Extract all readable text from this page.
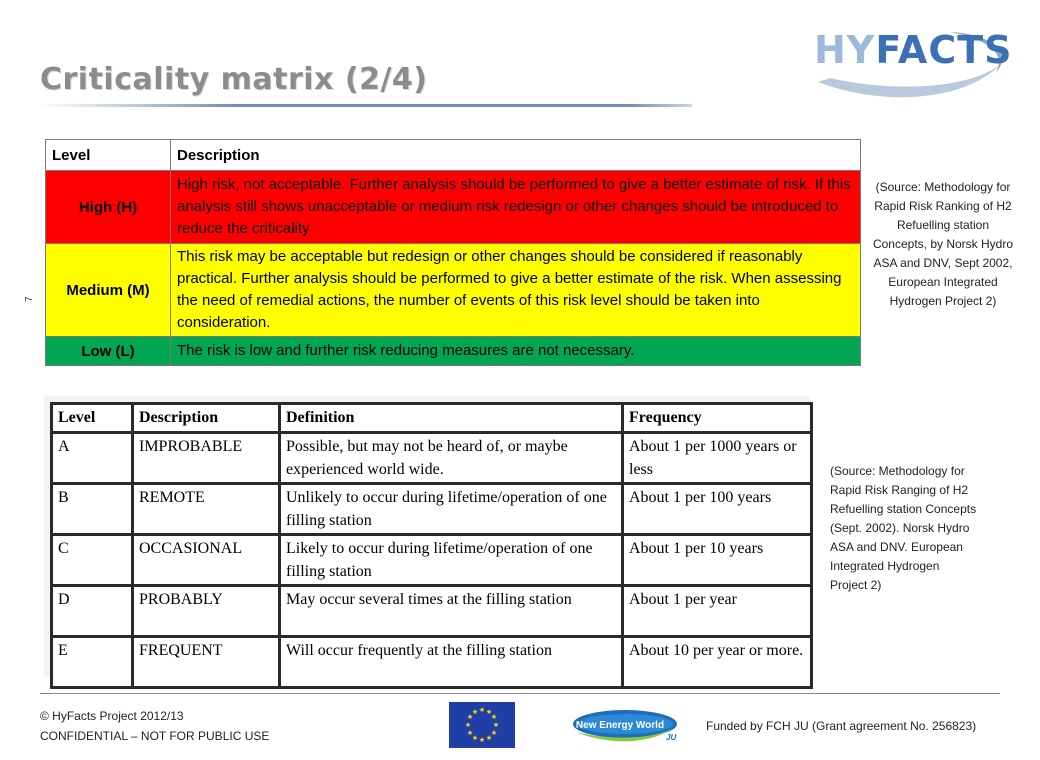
Criticality matrix (2/4)
HYFACTS
7
Level	Description
High (H)	High risk, not acceptable. Further analysis should be performed to give a better estimate of risk. If this analysis still shows unacceptable or medium risk redesign or other changes should be introduced to reduce the criticality
Medium (M)	This risk may be acceptable but redesign or other changes should be considered if reasonably practical. Further analysis should be performed to give a better estimate of the risk. When assessing the need of remedial actions, the number of events of this risk level should be taken into consideration.
Low (L)	The risk is low and further risk reducing measures are not necessary.
(Source: Methodology for Rapid Risk Ranking of H2 Refuelling station Concepts, by Norsk Hydro ASA and DNV, Sept 2002, European Integrated Hydrogen Project 2)
Level	Description	Definition	Frequency
A	IMPROBABLE	Possible, but may not be heard of, or maybe experienced world wide.	About 1 per 1000 years or less
B	REMOTE	Unlikely to occur during lifetime/operation of one filling station	About 1 per 100 years
C	OCCASIONAL	Likely to occur during lifetime/operation of one filling station	About 1 per 10 years
D	PROBABLY	May occur several times at the filling station	About 1 per year
E	FREQUENT	Will occur frequently at the filling station	About 10 per year or more.
(Source: Methodology for Rapid Risk Ranging of H2 Refuelling station Concepts (Sept. 2002). Norsk Hydro ASA and DNV. European Integrated Hydrogen Project 2)
© HyFacts Project 2012/13
CONFIDENTIAL – NOT FOR PUBLIC USE
★ ★
★
★
★
★
★
★
★
★
★
★
New Energy World
JU
Funded by FCH JU (Grant agreement No. 256823)
